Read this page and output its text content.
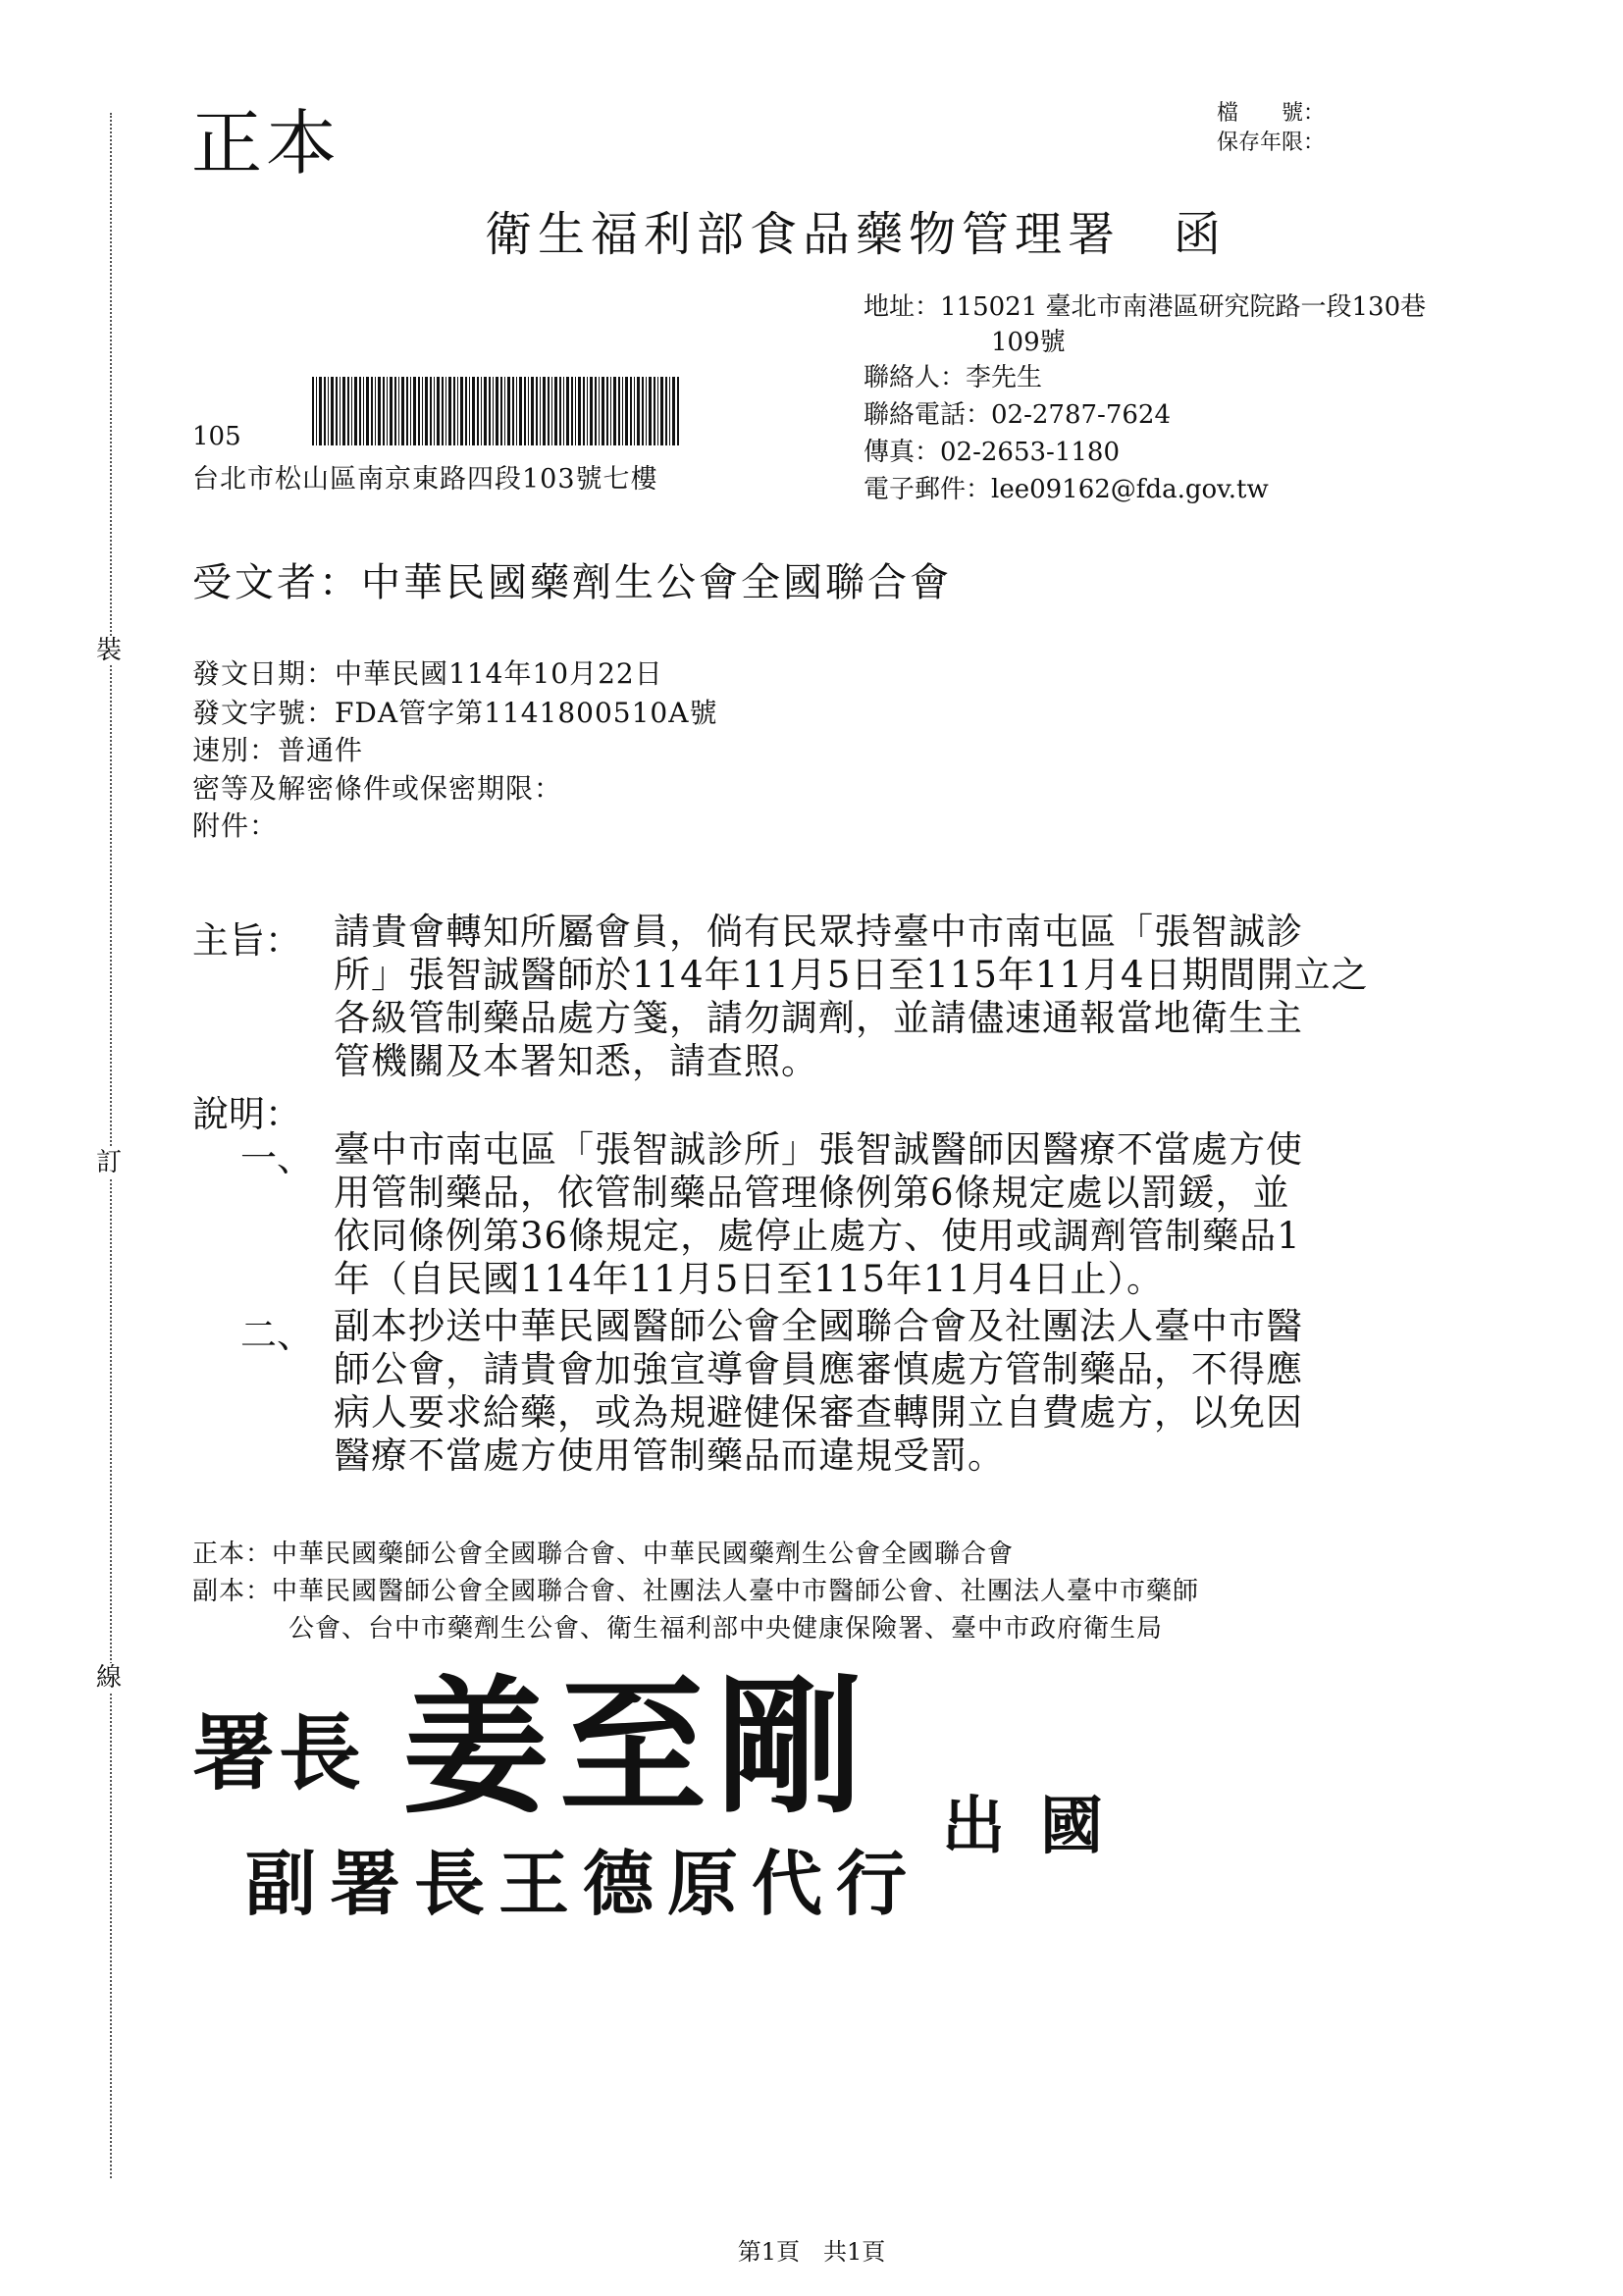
裝
訂
線
正本	檔　　號：
保存年限：
衛生福利部食品藥物管理署　函
地址：115021 臺北市南港區研究院路一段130巷
109號
聯絡人：李先生
聯絡電話：02-2787-7624
傳真：02-2653-1180
電子郵件：lee09162@fda.gov.tw
105
台北市松山區南京東路四段103號七樓
受文者：中華民國藥劑生公會全國聯合會
發文日期：中華民國114年10月22日
發文字號：FDA管字第1141800510A號
速別：普通件
密等及解密條件或保密期限：
附件：
主旨： 請貴會轉知所屬會員，倘有民眾持臺中市南屯區「張智誠診
所」張智誠醫師於114年11月5日至115年11月4日期間開立之
各級管制藥品處方箋，請勿調劑，並請儘速通報當地衛生主
管機關及本署知悉，請查照。
說明：
一、 臺中市南屯區「張智誠診所」張智誠醫師因醫療不當處方使
用管制藥品，依管制藥品管理條例第6條規定處以罰鍰，並
依同條例第36條規定，處停止處方、使用或調劑管制藥品1
年（自民國114年11月5日至115年11月4日止）。
二、 副本抄送中華民國醫師公會全國聯合會及社團法人臺中市醫
師公會，請貴會加強宣導會員應審慎處方管制藥品，不得應
病人要求給藥，或為規避健保審查轉開立自費處方，以免因
醫療不當處方使用管制藥品而違規受罰。
正本：中華民國藥師公會全國聯合會、中華民國藥劑生公會全國聯合會
副本：中華民國醫師公會全國聯合會、社團法人臺中市醫師公會、社團法人臺中市藥師
公會、台中市藥劑生公會、衛生福利部中央健康保險署、臺中市政府衛生局
署長 姜至剛 出國
副署長王德原代行
第1頁　共1頁
